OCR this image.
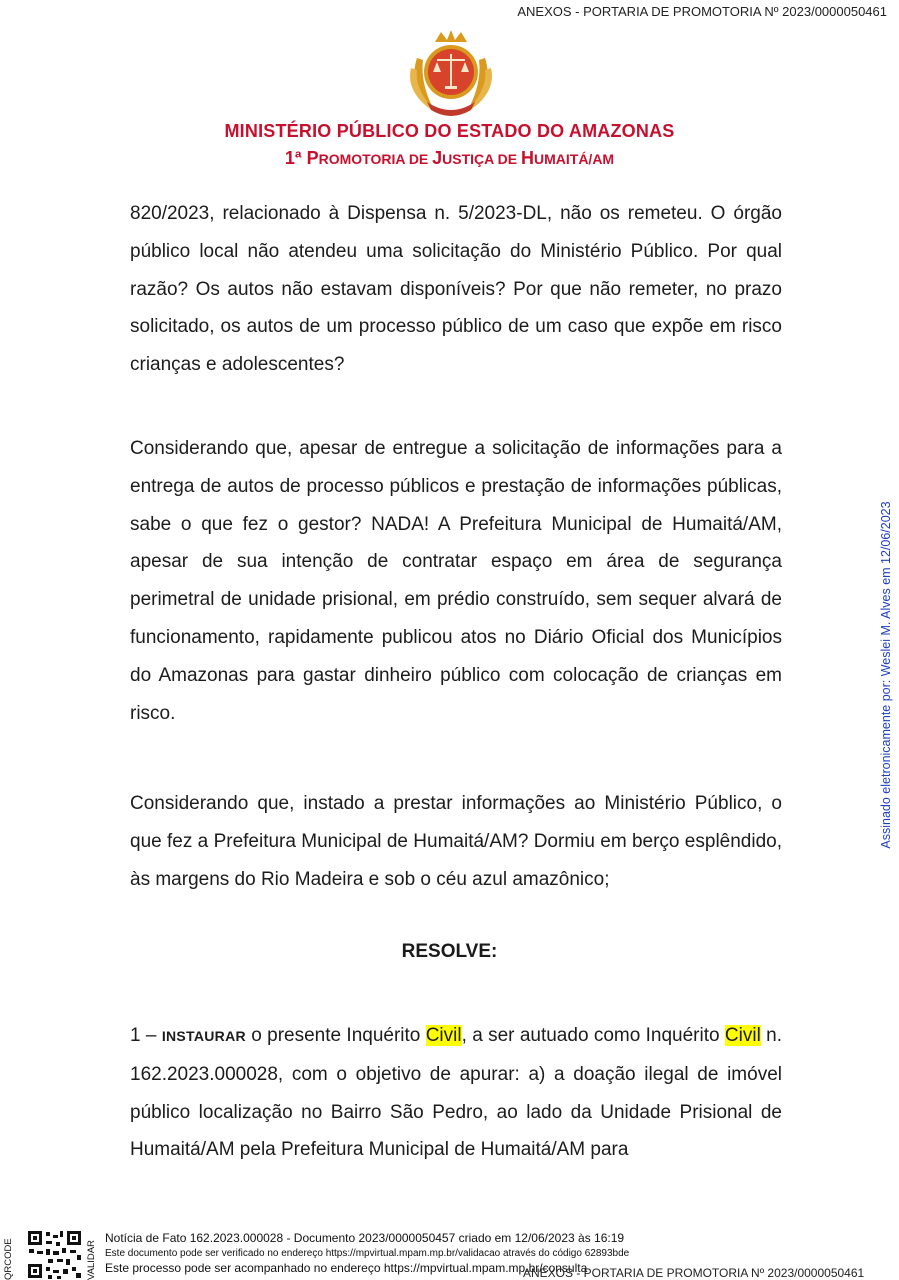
ANEXOS - PORTARIA DE PROMOTORIA Nº 2023/0000050461
MINISTÉRIO PÚBLICO DO ESTADO DO AMAZONAS
1ª PROMOTORIA DE JUSTIÇA DE HUMAITÁ/AM
820/2023, relacionado à Dispensa n. 5/2023-DL, não os remeteu. O órgão público local não atendeu uma solicitação do Ministério Público. Por qual razão? Os autos não estavam disponíveis? Por que não remeter, no prazo solicitado, os autos de um processo público de um caso que expõe em risco crianças e adolescentes?
Considerando que, apesar de entregue a solicitação de informações para a entrega de autos de processo públicos e prestação de informações públicas, sabe o que fez o gestor? NADA! A Prefeitura Municipal de Humaitá/AM, apesar de sua intenção de contratar espaço em área de segurança perimetral de unidade prisional, em prédio construído, sem sequer alvará de funcionamento, rapidamente publicou atos no Diário Oficial dos Municípios do Amazonas para gastar dinheiro público com colocação de crianças em risco.
Considerando que, instado a prestar informações ao Ministério Público, o que fez a Prefeitura Municipal de Humaitá/AM? Dormiu em berço esplêndido, às margens do Rio Madeira e sob o céu azul amazônico;
RESOLVE:
1 – INSTAURAR o presente Inquérito Civil, a ser autuado como Inquérito Civil n. 162.2023.000028, com o objetivo de apurar: a) a doação ilegal de imóvel público localização no Bairro São Pedro, ao lado da Unidade Prisional de Humaitá/AM pela Prefeitura Municipal de Humaitá/AM para
Assinado eletronicamente por: Weslei M. Alves em 12/06/2023
QRCODE	VALIDAR
Notícia de Fato 162.2023.000028 - Documento 2023/0000050457 criado em 12/06/2023 às 16:19
Este documento pode ser verificado no endereço https://mpvirtual.mpam.mp.br/validacao através do código 62893bde
Este processo pode ser acompanhado no endereço https://mpvirtual.mpam.mp.br/consulta
ANEXOS - PORTARIA DE PROMOTORIA Nº 2023/0000050461
